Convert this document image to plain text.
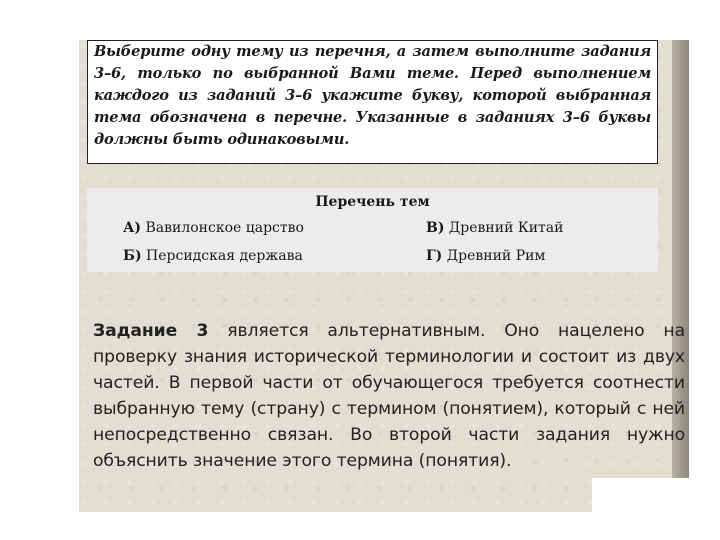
Выберите одну тему из перечня, а затем выполните задания 3–6, только по выбранной Вами теме. Перед выполнением каждого из заданий 3–6 укажите букву, которой выбранная тема обозначена в перечне. Указанные в заданиях 3–6 буквы должны быть одинаковыми.

Перечень тем
А) Вавилонское царство	В) Древний Китай
Б) Персидская держава	Г) Древний Рим

Задание 3 является альтернативным. Оно нацелено на проверку знания исторической терминологии и состоит из двух частей. В первой части от обучающегося требуется соотнести выбранную тему (страну) с термином (понятием), который с ней непосредственно связан. Во второй части задания нужно объяснить значение этого термина (понятия).
